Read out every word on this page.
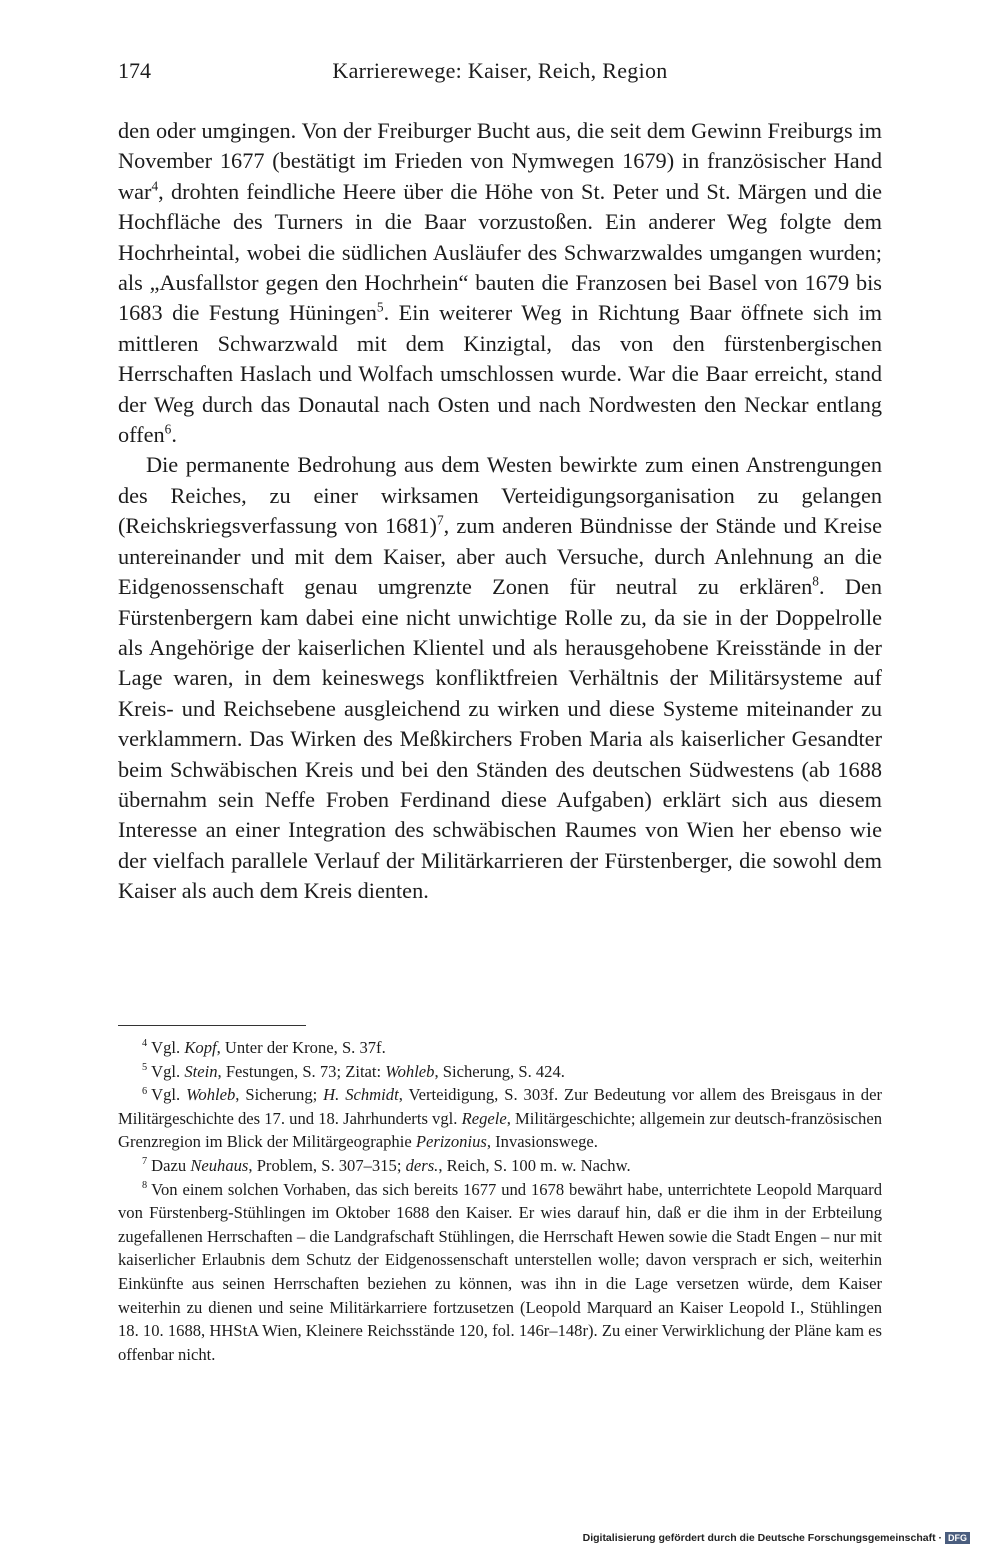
Karrierewege: Kaiser, Reich, Region
174

den oder umgingen. Von der Freiburger Bucht aus, die seit dem Gewinn Freiburgs im November 1677 (bestätigt im Frieden von Nymwegen 1679) in französischer Hand war$^4$, drohten feindliche Heere über die Höhe von St. Peter und St. Märgen und die Hochfläche des Turners in die Baar vorzustoßen. Ein anderer Weg folgte dem Hochrheintal, wobei die südlichen Ausläufer des Schwarzwaldes umgangen wurden; als „Ausfallstor gegen den Hochrhein“ bauten die Franzosen bei Basel von 1679 bis 1683 die Festung Hüningen$^5$. Ein weiterer Weg in Richtung Baar öffnete sich im mittleren Schwarzwald mit dem Kinzigtal, das von den fürstenbergischen Herrschaften Haslach und Wolfach umschlossen wurde. War die Baar erreicht, stand der Weg durch das Donautal nach Osten und nach Nordwesten den Neckar entlang offen$^6$.

Die permanente Bedrohung aus dem Westen bewirkte zum einen Anstrengungen des Reiches, zu einer wirksamen Verteidigungsorganisation zu gelangen (Reichskriegsverfassung von 1681)$^7$, zum anderen Bündnisse der Stände und Kreise untereinander und mit dem Kaiser, aber auch Versuche, durch Anlehnung an die Eidgenossenschaft genau umgrenzte Zonen für neutral zu erklären$^8$. Den Fürstenbergern kam dabei eine nicht unwichtige Rolle zu, da sie in der Doppelrolle als Angehörige der kaiserlichen Klientel und als herausgehobene Kreisstände in der Lage waren, in dem keineswegs konfliktfreien Verhältnis der Militärsysteme auf Kreis- und Reichsebene ausgleichend zu wirken und diese Systeme miteinander zu verklammern. Das Wirken des Meßkirchers Froben Maria als kaiserlicher Gesandter beim Schwäbischen Kreis und bei den Ständen des deutschen Südwestens (ab 1688 übernahm sein Neffe Froben Ferdinand diese Aufgaben) erklärt sich aus diesem Interesse an einer Integration des schwäbischen Raumes von Wien her ebenso wie der vielfach parallele Verlauf der Militärkarrieren der Fürstenberger, die sowohl dem Kaiser als auch dem Kreis dienten.

$^4$ Vgl. Kopf, Unter der Krone, S. 37f.

$^5$ Vgl. Stein, Festungen, S. 73; Zitat: Wohleb, Sicherung, S. 424.

$^6$ Vgl. Wohleb, Sicherung; H. Schmidt, Verteidigung, S. 303f. Zur Bedeutung vor allem des Breisgaus in der Militärgeschichte des 17. und 18. Jahrhunderts vgl. Regele, Militärgeschichte; allgemein zur deutsch-französischen Grenzregion im Blick der Militärgeographie Perizonius, Invasionswege.

$^7$ Dazu Neuhaus, Problem, S. 307–315; ders., Reich, S. 100 m. w. Nachw.

$^8$ Von einem solchen Vorhaben, das sich bereits 1677 und 1678 bewährt habe, unterrichtete Leopold Marquard von Fürstenberg-Stühlingen im Oktober 1688 den Kaiser. Er wies darauf hin, daß er die ihm in der Erbteilung zugefallenen Herrschaften – die Landgrafschaft Stühlingen, die Herrschaft Hewen sowie die Stadt Engen – nur mit kaiserlicher Erlaubnis dem Schutz der Eidgenossenschaft unterstellen wolle; davon versprach er sich, weiterhin Einkünfte aus seinen Herrschaften beziehen zu können, was ihn in die Lage versetzen würde, dem Kaiser weiterhin zu dienen und seine Militärkarriere fortzusetzen (Leopold Marquard an Kaiser Leopold I., Stühlingen 18. 10. 1688, HHStA Wien, Kleinere Reichsstände 120, fol. 146r–148r). Zu einer Verwirklichung der Pläne kam es offenbar nicht.

Digitalisierung gefördert durch die Deutsche Forschungsgemeinschaft · DFG
